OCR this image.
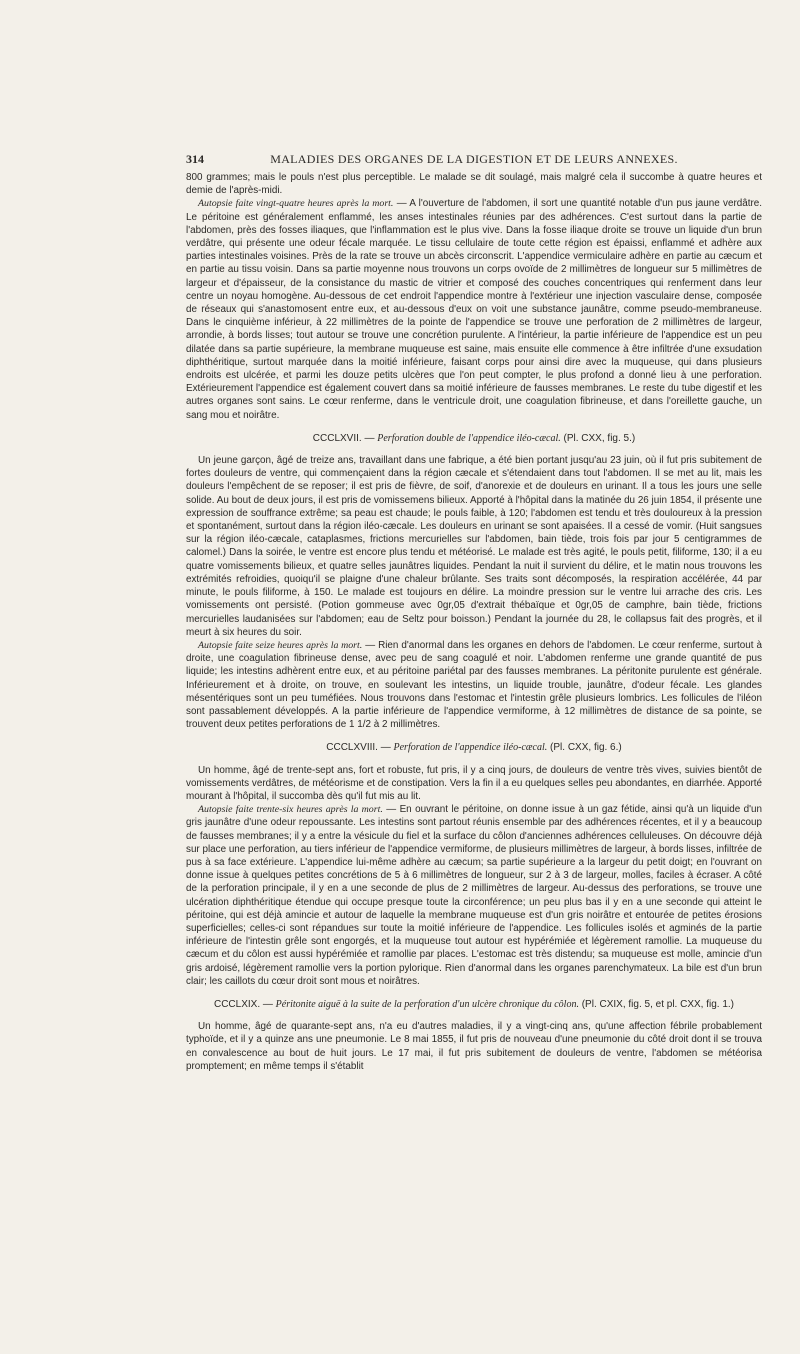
314	MALADIES DES ORGANES DE LA DIGESTION ET DE LEURS ANNEXES.

800 grammes; mais le pouls n'est plus perceptible. Le malade se dit soulagé, mais malgré cela il succombe à quatre heures et demie de l'après-midi.

Autopsie faite vingt-quatre heures après la mort. — A l'ouverture de l'abdomen, il sort une quantité notable d'un pus jaune verdâtre. Le péritoine est généralement enflammé, les anses intestinales réunies par des adhérences. C'est surtout dans la partie de l'abdomen, près des fosses iliaques, que l'inflammation est le plus vive. Dans la fosse iliaque droite se trouve un liquide d'un brun verdâtre, qui présente une odeur fécale marquée. Le tissu cellulaire de toute cette région est épaissi, enflammé et adhère aux parties intestinales voisines. Près de la rate se trouve un abcès circonscrit. L'appendice vermiculaire adhère en partie au cæcum et en partie au tissu voisin. Dans sa partie moyenne nous trouvons un corps ovoïde de 2 millimètres de longueur sur 5 millimètres de largeur et d'épaisseur, de la consistance du mastic de vitrier et composé des couches concentriques qui renferment dans leur centre un noyau homogène. Au-dessous de cet endroit l'appendice montre à l'extérieur une injection vasculaire dense, composée de réseaux qui s'anastomosent entre eux, et au-dessous d'eux on voit une substance jaunâtre, comme pseudo-membraneuse. Dans le cinquième inférieur, à 22 millimètres de la pointe de l'appendice se trouve une perforation de 2 millimètres de largeur, arrondie, à bords lisses; tout autour se trouve une concrétion purulente. A l'intérieur, la partie inférieure de l'appendice est un peu dilatée dans sa partie supérieure, la membrane muqueuse est saine, mais ensuite elle commence à être infiltrée d'une exsudation diphthéritique, surtout marquée dans la moitié inférieure, faisant corps pour ainsi dire avec la muqueuse, qui dans plusieurs endroits est ulcérée, et parmi les douze petits ulcères que l'on peut compter, le plus profond a donné lieu à une perforation. Extérieurement l'appendice est également couvert dans sa moitié inférieure de fausses membranes. Le reste du tube digestif et les autres organes sont sains. Le cœur renferme, dans le ventricule droit, une coagulation fibrineuse, et dans l'oreillette gauche, un sang mou et noirâtre.

CCCLXVII. — Perforation double de l'appendice iléo-cæcal. (Pl. CXX, fig. 5.)

Un jeune garçon, âgé de treize ans, travaillant dans une fabrique, a été bien portant jusqu'au 23 juin, où il fut pris subitement de fortes douleurs de ventre, qui commençaient dans la région cæcale et s'étendaient dans tout l'abdomen. Il se met au lit, mais les douleurs l'empêchent de se reposer; il est pris de fièvre, de soif, d'anorexie et de douleurs en urinant. Il a tous les jours une selle solide. Au bout de deux jours, il est pris de vomissemens bilieux. Apporté à l'hôpital dans la matinée du 26 juin 1854, il présente une expression de souffrance extrême; sa peau est chaude; le pouls faible, à 120; l'abdomen est tendu et très douloureux à la pression et spontanément, surtout dans la région iléo-cæcale. Les douleurs en urinant se sont apaisées. Il a cessé de vomir. (Huit sangsues sur la région iléo-cæcale, cataplasmes, frictions mercurielles sur l'abdomen, bain tiède, trois fois par jour 5 centigrammes de calomel.) Dans la soirée, le ventre est encore plus tendu et météorisé. Le malade est très agité, le pouls petit, filiforme, 130; il a eu quatre vomissements bilieux, et quatre selles jaunâtres liquides. Pendant la nuit il survient du délire, et le matin nous trouvons les extrémités refroidies, quoiqu'il se plaigne d'une chaleur brûlante. Ses traits sont décomposés, la respiration accélérée, 44 par minute, le pouls filiforme, à 150. Le malade est toujours en délire. La moindre pression sur le ventre lui arrache des cris. Les vomissements ont persisté. (Potion gommeuse avec 0gr,05 d'extrait thébaïque et 0gr,05 de camphre, bain tiède, frictions mercurielles laudanisées sur l'abdomen; eau de Seltz pour boisson.) Pendant la journée du 28, le collapsus fait des progrès, et il meurt à six heures du soir.

Autopsie faite seize heures après la mort. — Rien d'anormal dans les organes en dehors de l'abdomen. Le cœur renferme, surtout à droite, une coagulation fibrineuse dense, avec peu de sang coagulé et noir. L'abdomen renferme une grande quantité de pus liquide; les intestins adhèrent entre eux, et au péritoine pariétal par des fausses membranes. La péritonite purulente est générale. Inférieurement et à droite, on trouve, en soulevant les intestins, un liquide trouble, jaunâtre, d'odeur fécale. Les glandes mésentériques sont un peu tuméfiées. Nous trouvons dans l'estomac et l'intestin grêle plusieurs lombrics. Les follicules de l'iléon sont passablement développés. A la partie inférieure de l'appendice vermiforme, à 12 millimètres de distance de sa pointe, se trouvent deux petites perforations de 1 1/2 à 2 millimètres.

CCCLXVIII. — Perforation de l'appendice iléo-cæcal. (Pl. CXX, fig. 6.)

Un homme, âgé de trente-sept ans, fort et robuste, fut pris, il y a cinq jours, de douleurs de ventre très vives, suivies bientôt de vomissements verdâtres, de météorisme et de constipation. Vers la fin il a eu quelques selles peu abondantes, en diarrhée. Apporté mourant à l'hôpital, il succomba dès qu'il fut mis au lit.

Autopsie faite trente-six heures après la mort. — En ouvrant le péritoine, on donne issue à un gaz fétide, ainsi qu'à un liquide d'un gris jaunâtre d'une odeur repoussante. Les intestins sont partout réunis ensemble par des adhérences récentes, et il y a beaucoup de fausses membranes; il y a entre la vésicule du fiel et la surface du côlon d'anciennes adhérences celluleuses. On découvre déjà sur place une perforation, au tiers inférieur de l'appendice vermiforme, de plusieurs millimètres de largeur, à bords lisses, infiltrée de pus à sa face extérieure. L'appendice lui-même adhère au cæcum; sa partie supérieure a la largeur du petit doigt; en l'ouvrant on donne issue à quelques petites concrétions de 5 à 6 millimètres de longueur, sur 2 à 3 de largeur, molles, faciles à écraser. A côté de la perforation principale, il y en a une seconde de plus de 2 millimètres de largeur. Au-dessus des perforations, se trouve une ulcération diphthéritique étendue qui occupe presque toute la circonférence; un peu plus bas il y en a une seconde qui atteint le péritoine, qui est déjà amincie et autour de laquelle la membrane muqueuse est d'un gris noirâtre et entourée de petites érosions superficielles; celles-ci sont répandues sur toute la moitié inférieure de l'appendice. Les follicules isolés et agminés de la partie inférieure de l'intestin grêle sont engorgés, et la muqueuse tout autour est hypérémiée et légèrement ramollie. La muqueuse du cæcum et du côlon est aussi hypérémiée et ramollie par places. L'estomac est très distendu; sa muqueuse est molle, amincie d'un gris ardoisé, légèrement ramollie vers la portion pylorique. Rien d'anormal dans les organes parenchymateux. La bile est d'un brun clair; les caillots du cœur droit sont mous et noirâtres.

CCCLXIX. — Péritonite aiguë à la suite de la perforation d'un ulcère chronique du côlon. (Pl. CXIX, fig. 5, et pl. CXX, fig. 1.)

Un homme, âgé de quarante-sept ans, n'a eu d'autres maladies, il y a vingt-cinq ans, qu'une affection fébrile probablement typhoïde, et il y a quinze ans une pneumonie. Le 8 mai 1855, il fut pris de nouveau d'une pneumonie du côté droit dont il se trouva en convalescence au bout de huit jours. Le 17 mai, il fut pris subitement de douleurs de ventre, l'abdomen se météorisa promptement; en même temps il s'établit
